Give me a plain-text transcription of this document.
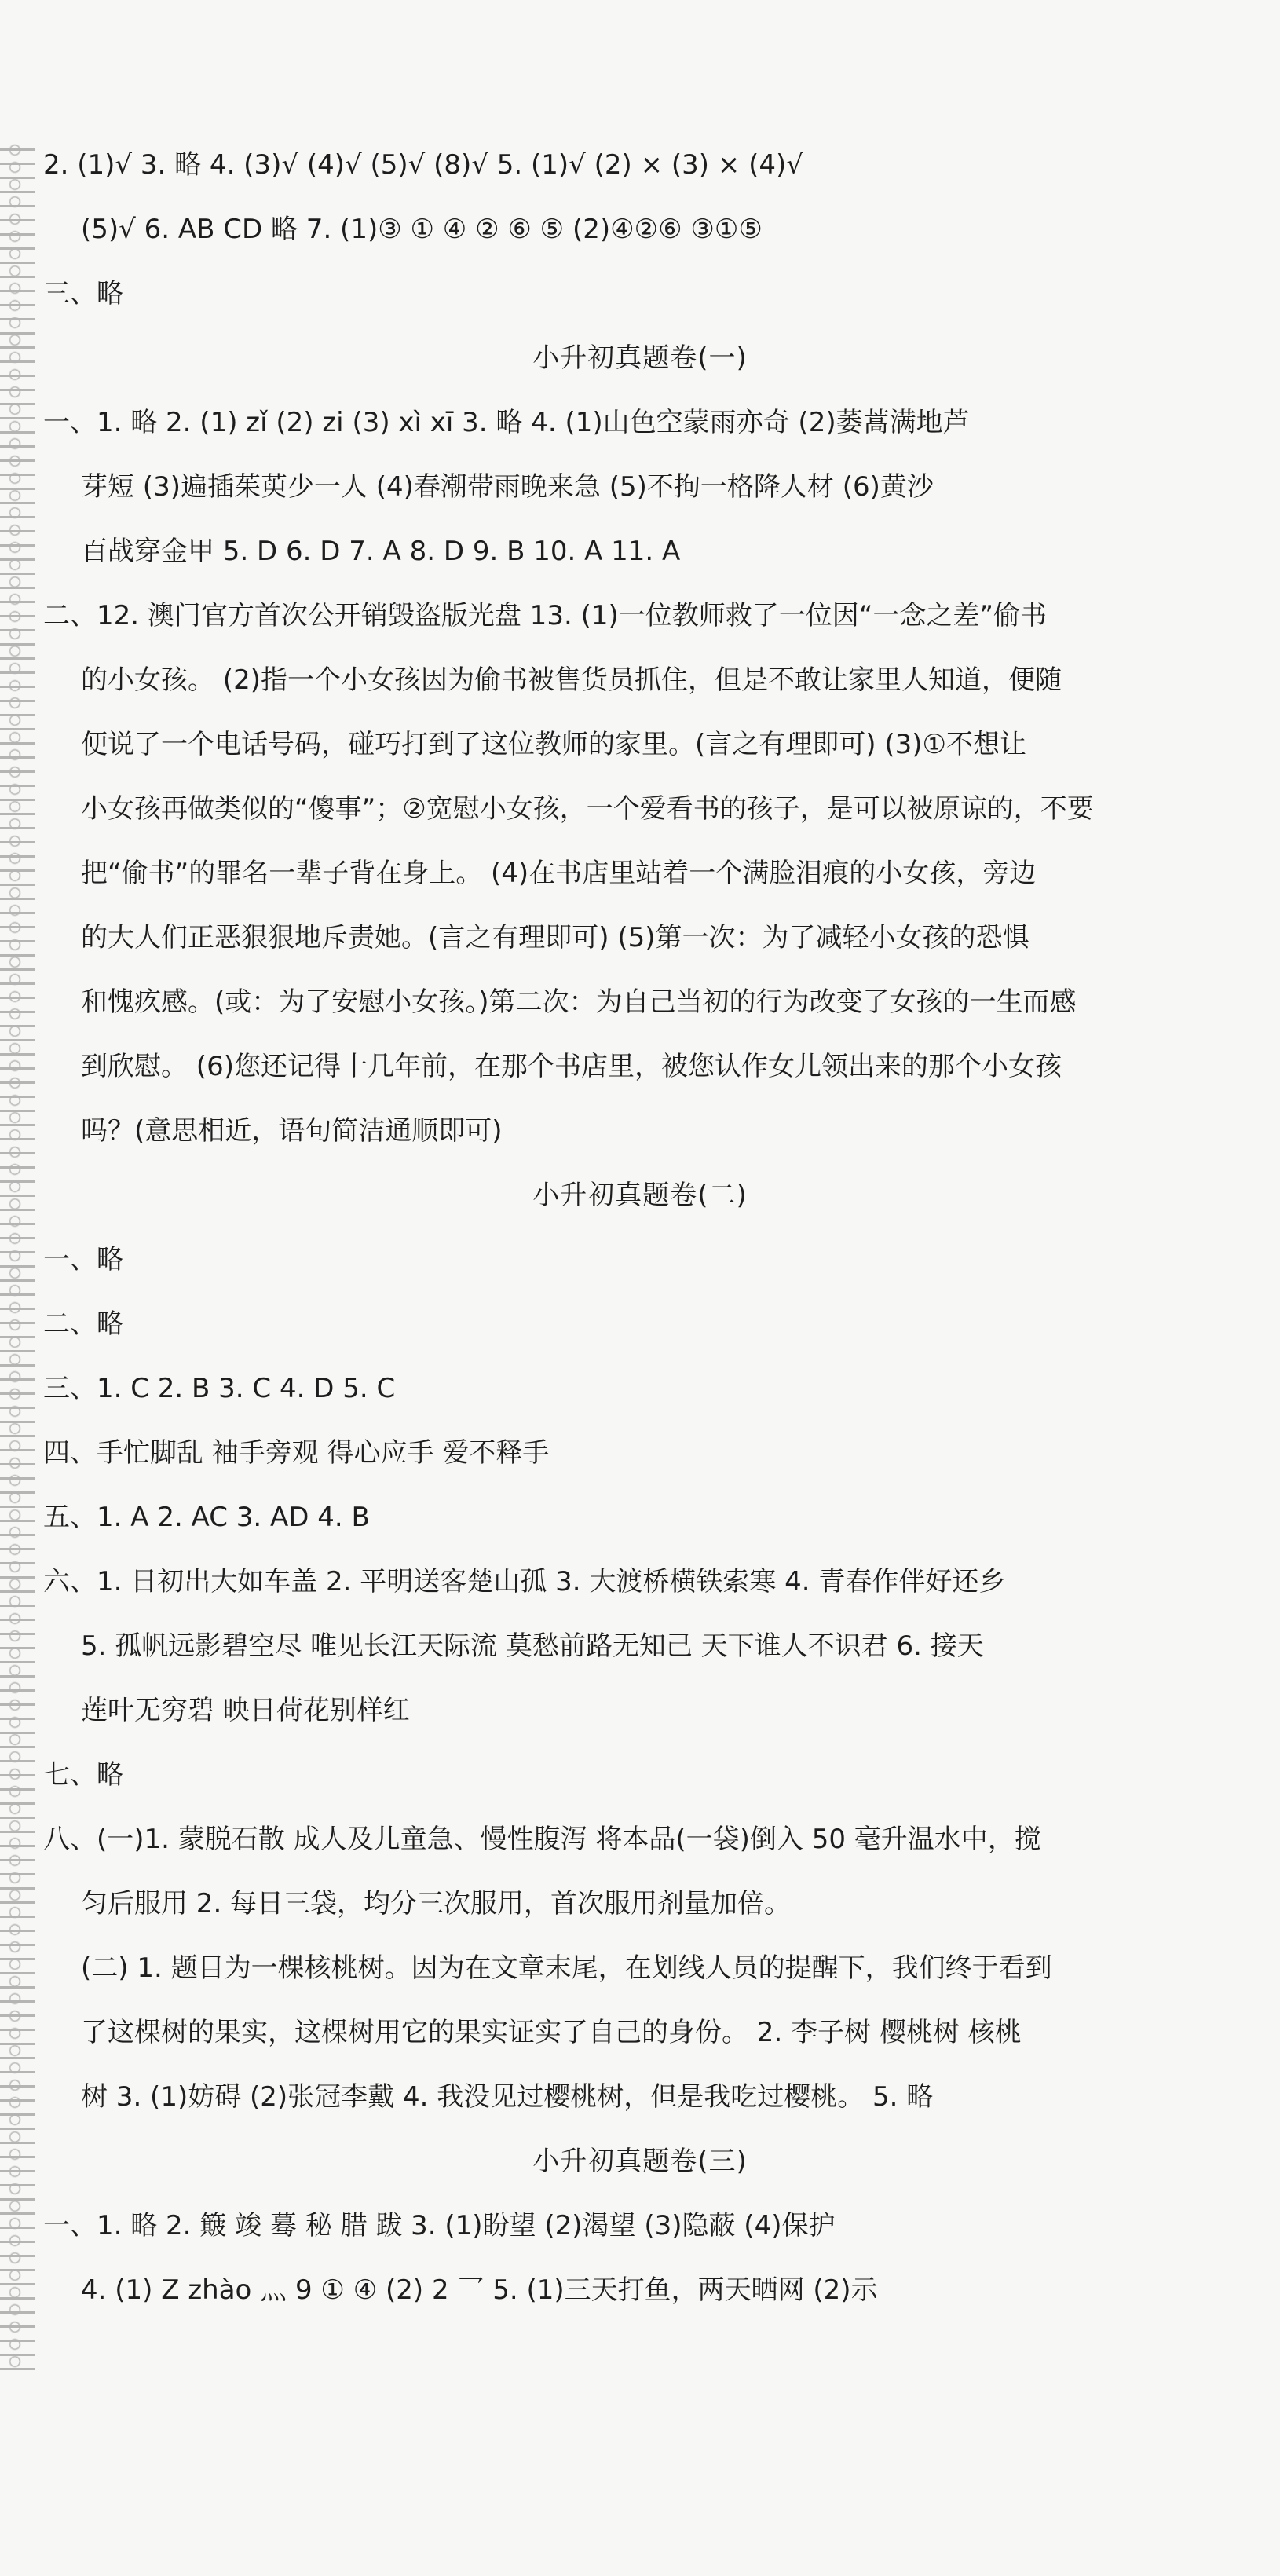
2. (1)√ 3. 略 4. (3)√ (4)√ (5)√ (8)√ 5. (1)√ (2) × (3) × (4)√
(5)√ 6. AB CD 略 7. (1)③ ① ④ ② ⑥ ⑤ (2)④②⑥ ③①⑤
三、略
小升初真题卷(一)
一、1. 略 2. (1) zǐ (2) zi (3) xì xī 3. 略 4. (1)山色空蒙雨亦奇 (2)萎蒿满地芦
芽短 (3)遍插茱萸少一人 (4)春潮带雨晚来急 (5)不拘一格降人材 (6)黄沙
百战穿金甲 5. D 6. D 7. A 8. D 9. B 10. A 11. A
二、12. 澳门官方首次公开销毁盗版光盘 13. (1)一位教师救了一位因“一念之差”偷书
的小女孩。 (2)指一个小女孩因为偷书被售货员抓住，但是不敢让家里人知道，便随
便说了一个电话号码，碰巧打到了这位教师的家里。(言之有理即可) (3)①不想让
小女孩再做类似的“傻事”；②宽慰小女孩，一个爱看书的孩子，是可以被原谅的，不要
把“偷书”的罪名一辈子背在身上。 (4)在书店里站着一个满脸泪痕的小女孩，旁边
的大人们正恶狠狠地斥责她。(言之有理即可) (5)第一次：为了减轻小女孩的恐惧
和愧疚感。(或：为了安慰小女孩。)第二次：为自己当初的行为改变了女孩的一生而感
到欣慰。 (6)您还记得十几年前，在那个书店里，被您认作女儿领出来的那个小女孩
吗？(意思相近，语句简洁通顺即可)
小升初真题卷(二)
一、略
二、略
三、1. C 2. B 3. C 4. D 5. C
四、手忙脚乱 袖手旁观 得心应手 爱不释手
五、1. A 2. AC 3. AD 4. B
六、1. 日初出大如车盖 2. 平明送客楚山孤 3. 大渡桥横铁索寒 4. 青春作伴好还乡
5. 孤帆远影碧空尽 唯见长江天际流 莫愁前路无知己 天下谁人不识君 6. 接天
莲叶无穷碧 映日荷花别样红
七、略
八、(一)1. 蒙脱石散 成人及儿童急、慢性腹泻 将本品(一袋)倒入 50 毫升温水中，搅
匀后服用 2. 每日三袋，均分三次服用，首次服用剂量加倍。
(二) 1. 题目为一棵核桃树。因为在文章末尾，在划线人员的提醒下，我们终于看到
了这棵树的果实，这棵树用它的果实证实了自己的身份。 2. 李子树 樱桃树 核桃
树 3. (1)妨碍 (2)张冠李戴 4. 我没见过樱桃树，但是我吃过樱桃。 5. 略
小升初真题卷(三)
一、1. 略 2. 簸 竣 蓦 秘 腊 跋 3. (1)盼望 (2)渴望 (3)隐蔽 (4)保护
4. (1) Z zhào 灬 9 ① ④ (2) 2 乛 5. (1)三天打鱼，两天晒网 (2)示
